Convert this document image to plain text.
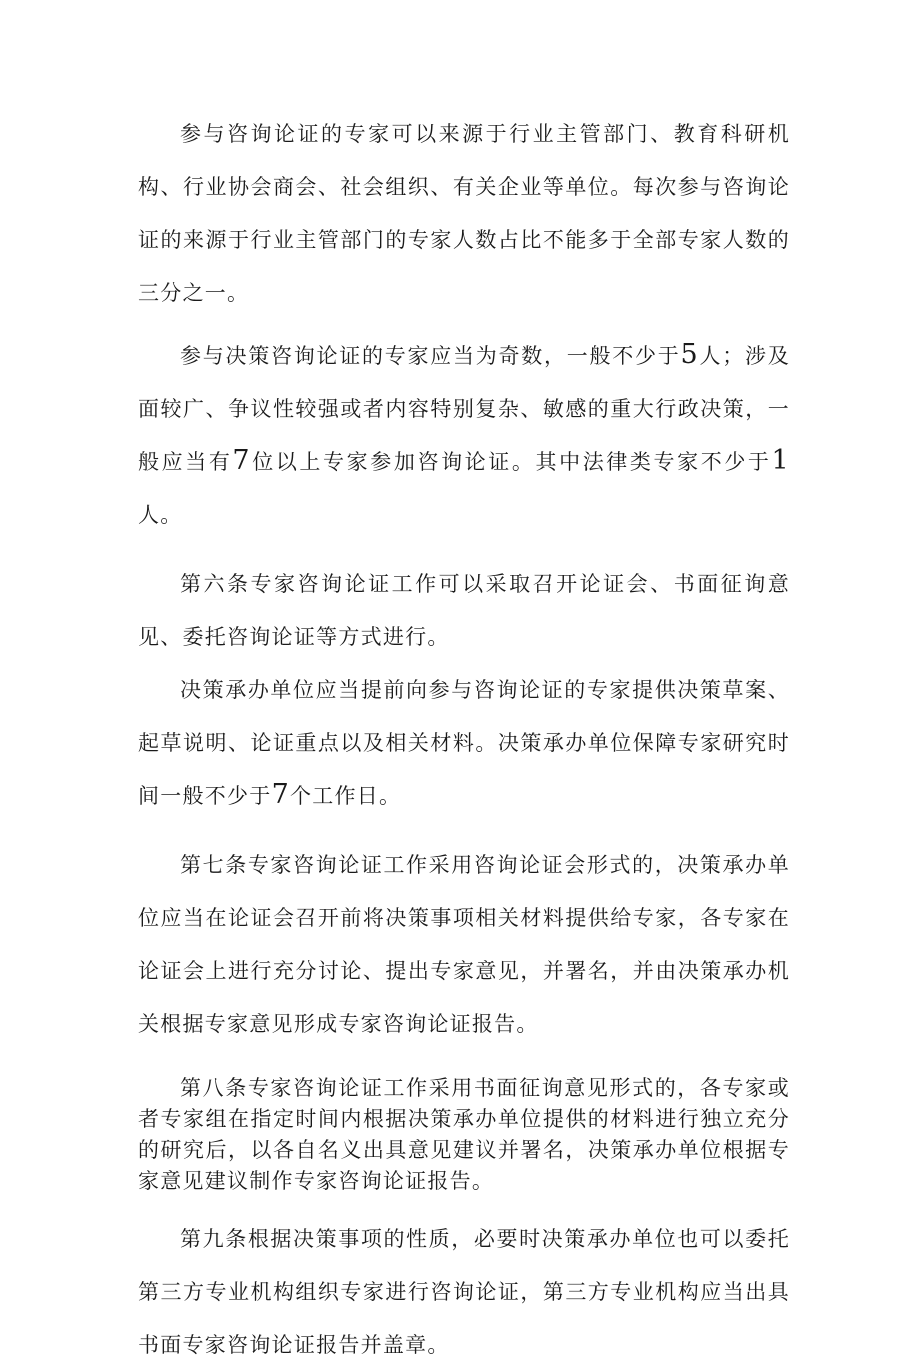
参与咨询论证的专家可以来源于行业主管部门、教育科研机构、行业协会商会、社会组织、有关企业等单位。每次参与咨询论证的来源于行业主管部门的专家人数占比不能多于全部专家人数的三分之一。

参与决策咨询论证的专家应当为奇数，一般不少于5人；涉及面较广、争议性较强或者内容特别复杂、敏感的重大行政决策，一般应当有7位以上专家参加咨询论证。其中法律类专家不少于1人。

第六条专家咨询论证工作可以采取召开论证会、书面征询意见、委托咨询论证等方式进行。

决策承办单位应当提前向参与咨询论证的专家提供决策草案、起草说明、论证重点以及相关材料。决策承办单位保障专家研究时间一般不少于7个工作日。

第七条专家咨询论证工作采用咨询论证会形式的，决策承办单位应当在论证会召开前将决策事项相关材料提供给专家，各专家在论证会上进行充分讨论、提出专家意见，并署名，并由决策承办机关根据专家意见形成专家咨询论证报告。

第八条专家咨询论证工作采用书面征询意见形式的，各专家或者专家组在指定时间内根据决策承办单位提供的材料进行独立充分的研究后，以各自名义出具意见建议并署名，决策承办单位根据专家意见建议制作专家咨询论证报告。

第九条根据决策事项的性质，必要时决策承办单位也可以委托第三方专业机构组织专家进行咨询论证，第三方专业机构应当出具书面专家咨询论证报告并盖章。
